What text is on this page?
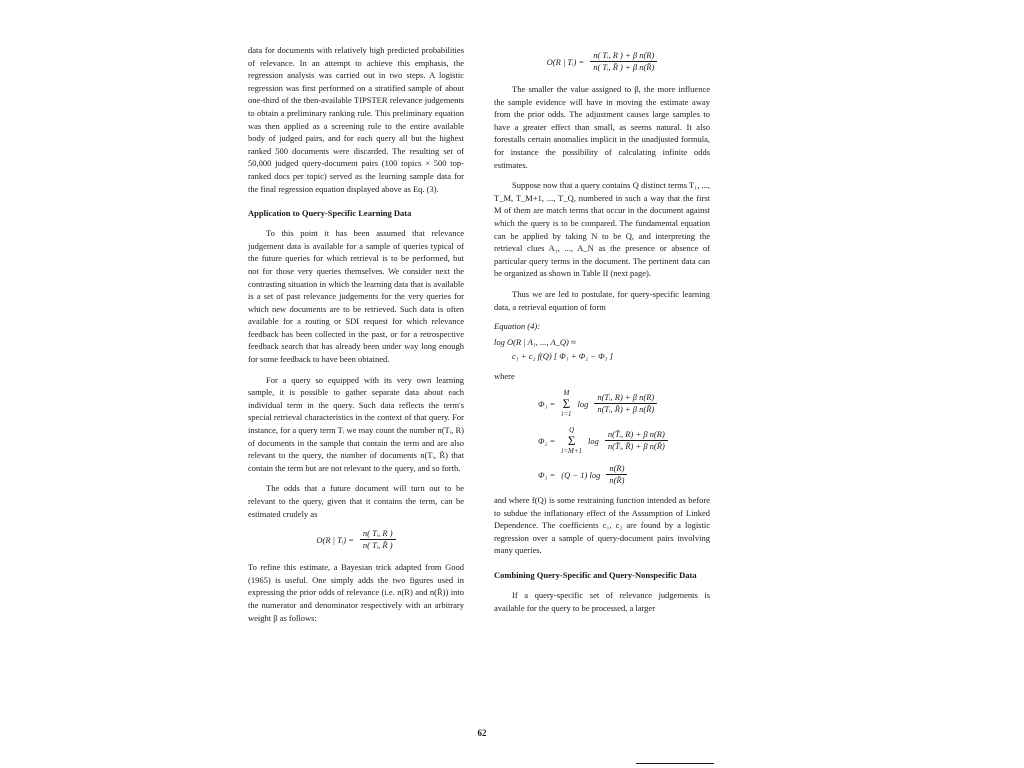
data for documents with relatively high predicted probabilities of relevance. In an attempt to achieve this emphasis, the regression analysis was carried out in two steps. A logistic regression was first performed on a stratified sample of about one-third of the then-available TIPSTER relevance judgements to obtain a preliminary ranking rule. This preliminary equation was then applied as a screening rule to the entire available body of judged pairs, and for each query all but the highest ranked 500 documents were discarded. The resulting set of 50,000 judged query-document pairs (100 topics × 500 top-ranked docs per topic) served as the learning sample data for the final regression equation displayed above as Eq. (3).

Application to Query-Specific Learning Data

To this point it has been assumed that relevance judgement data is available for a sample of queries typical of the future queries for which retrieval is to be performed, but not for those very queries themselves. We consider next the contrasting situation in which the learning data that is available is a set of past relevance judgements for the very queries for which new documents are to be retrieved. Such data is often available for a routing or SDI request for which relevance feedback has been collected in the past, or for a retrospective feedback search that has already been under way long enough for some feedback to have been obtained.

For a query so equipped with its very own learning sample, it is possible to gather separate data about each individual term in the query. Such data reflects the term's special retrieval characteristics in the context of that query. For instance, for a query term Tᵢ we may count the number n(Tᵢ, R) of documents in the sample that contain the term and are also relevant to the query, the number of documents n(Tᵢ, R̄) that contain the term but are not relevant to the query, and so forth.

The odds that a future document will turn out to be relevant to the query, given that it contains the term, can be estimated crudely as

O(R | Tᵢ) = $\frac{\text{n( Tᵢ, R )}}{\text{n( Tᵢ, R̄ )}}$

To refine this estimate, a Bayesian trick adapted from Good (1965) is useful. One simply adds the two figures used in expressing the prior odds of relevance (i.e. n(R) and n(R̄)) into the numerator and denominator respectively with an arbitrary weight β as follows:

O(R | Tᵢ) = $\frac{\text{n( Tᵢ, R ) + β n(R)}}{\text{n( Tᵢ, R̄ ) + β n(R̄)}}$

The smaller the value assigned to β, the more influence the sample evidence will have in moving the estimate away from the prior odds. The adjustment causes large samples to have a greater effect than small, as seems natural. It also forestalls certain anomalies implicit in the unadjusted formula, for instance the possibility of calculating infinite odds estimates.

Suppose now that a query contains Q distinct terms T₁, ..., T_M, T_M+1, ..., T_Q, numbered in such a way that the first M of them are match terms that occur in the document against which the query is to be compared. The fundamental equation can be applied by taking N to be Q, and interpreting the retrieval clues A₁, ..., A_N as the presence or absence of particular query terms in the document. The pertinent data can be organized as shown in Table II (next page).

Thus we are led to postulate, for query-specific learning data, a retrieval equation of form

Equation (4):
log O(R | A₁, ..., A_Q) ≈
c₁ + c₂ f(Q) [ Φ₁ + Φ₂ − Φ₃ ]
where
Φ₁ =
M
Σ
i=1
$\log \frac{\text{n(Tᵢ, R) + β n(R)}}{\text{n(Tᵢ, R̄) + β n(R̄)}}$
Φ₂ =
Q
Σ
i=M+1
$\log \frac{\text{n(T̄ᵢ, R) + β n(R)}}{\text{n(T̄ᵢ, R̄) + β n(R̄)}}$
Φ₃ = (Q − 1) $\log \frac{n(R)}{n(R̄)}$

and where f(Q) is some restraining function intended as before to subdue the inflationary effect of the Assumption of Linked Dependence. The coefficients c₁, c₂ are found by a logistic regression over a sample of query-document pairs involving many queries.

Combining Query-Specific and Query-Nonspecific Data

If a query-specific set of relevance judgements is available for the query to be processed, a larger

62
